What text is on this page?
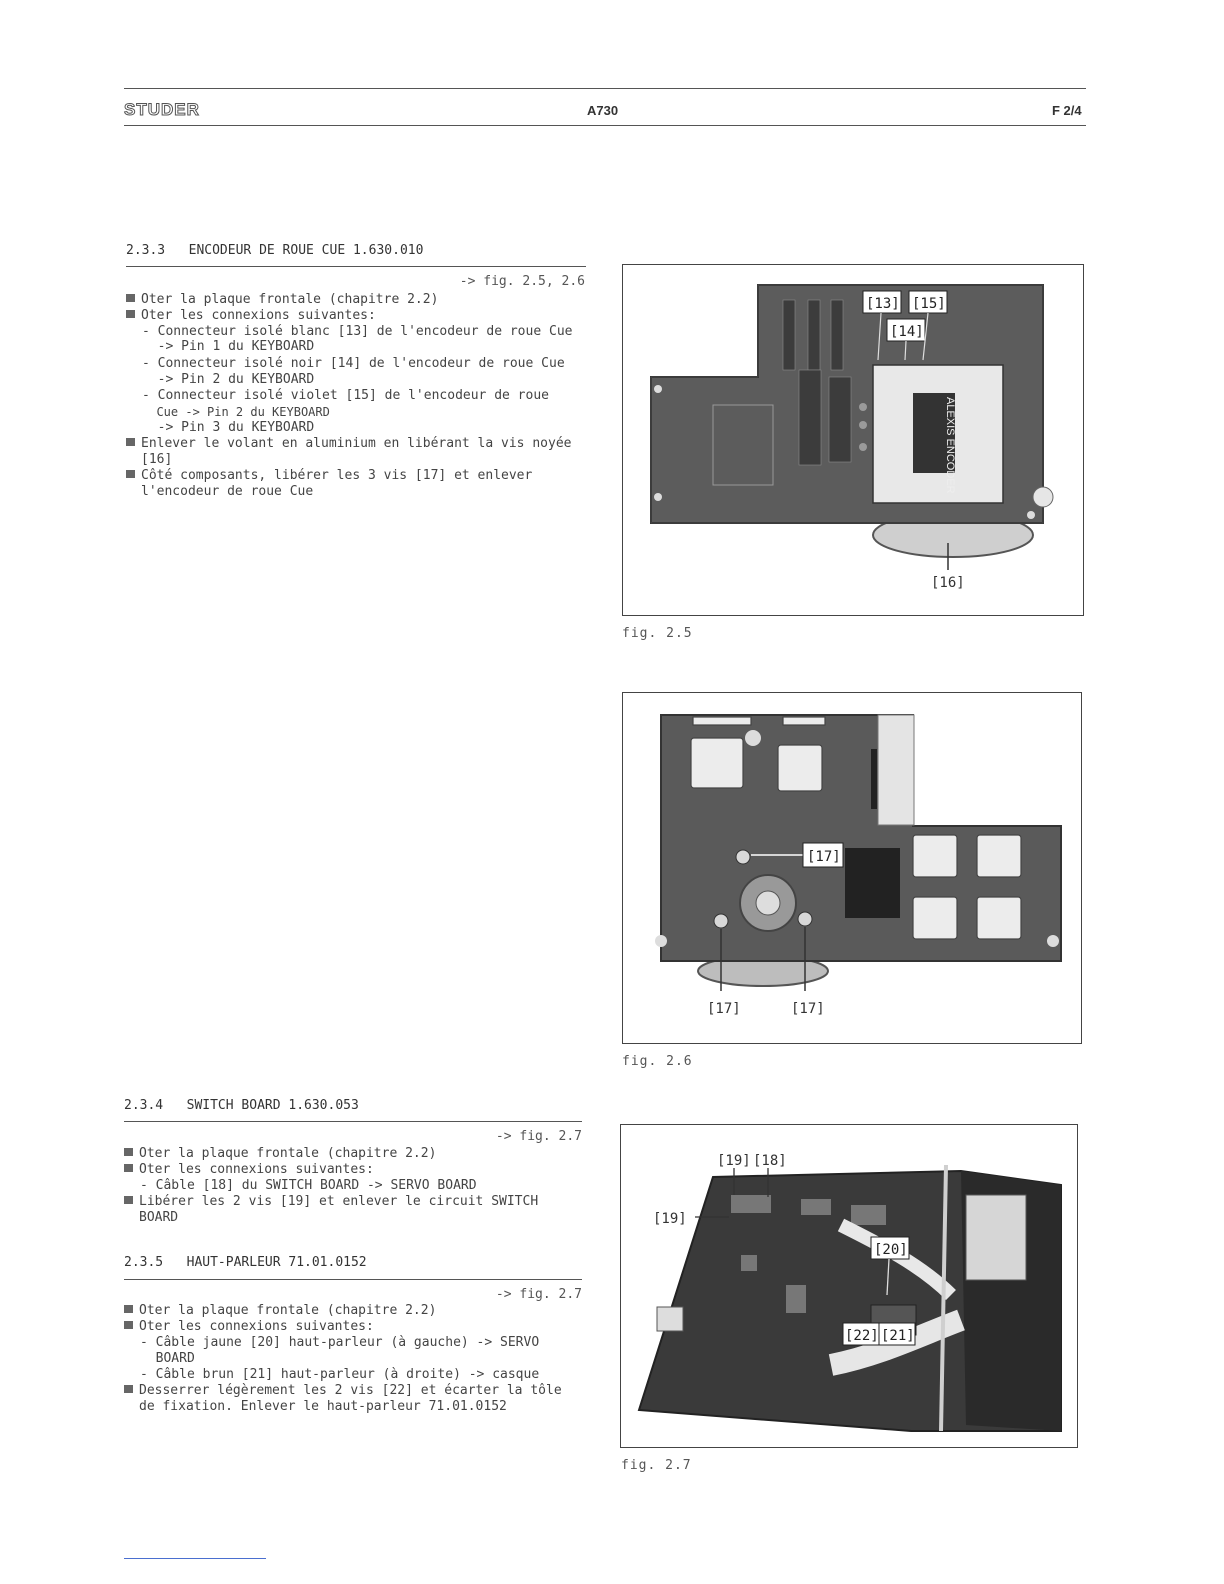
STUDER	A730	F 2/4
2.3.3 ENCODEUR DE ROUE CUE 1.630.010
-> fig. 2.5, 2.6
Oter la plaque frontale (chapitre 2.2)
Oter les connexions suivantes:
- Connecteur isolé blanc [13] de l'encodeur de roue Cue
-> Pin 1 du KEYBOARD
- Connecteur isolé noir [14] de l'encodeur de roue Cue
-> Pin 2 du KEYBOARD
- Connecteur isolé violet [15] de l'encodeur de roue
Cue -> Pin 2 du KEYBOARD
-> Pin 3 du KEYBOARD
Enlever le volant en aluminium en libérant la vis noyée
[16]
Côté composants, libérer les 3 vis [17] et enlever
l'encodeur de roue Cue	ALEXIS ENCODER
[13] [15]
[14]
[16]
fig. 2.5
[17]
[17]	[17]
fig. 2.6
2.3.4 SWITCH BOARD 1.630.053
-> fig. 2.7
Oter la plaque frontale (chapitre 2.2)
Oter les connexions suivantes:
- Câble [18] du SWITCH BOARD -> SERVO BOARD
Libérer les 2 vis [19] et enlever le circuit SWITCH
BOARD
2.3.5 HAUT-PARLEUR 71.01.0152
-> fig. 2.7
Oter la plaque frontale (chapitre 2.2)
Oter les connexions suivantes:
- Câble jaune [20] haut-parleur (à gauche) -> SERVO
BOARD
- Câble brun [21] haut-parleur (à droite) -> casque
Desserrer légèrement les 2 vis [22] et écarter la tôle
de fixation. Enlever le haut-parleur 71.01.0152
[19] [18]
[19]
[20]
[22] [21]
fig. 2.7
